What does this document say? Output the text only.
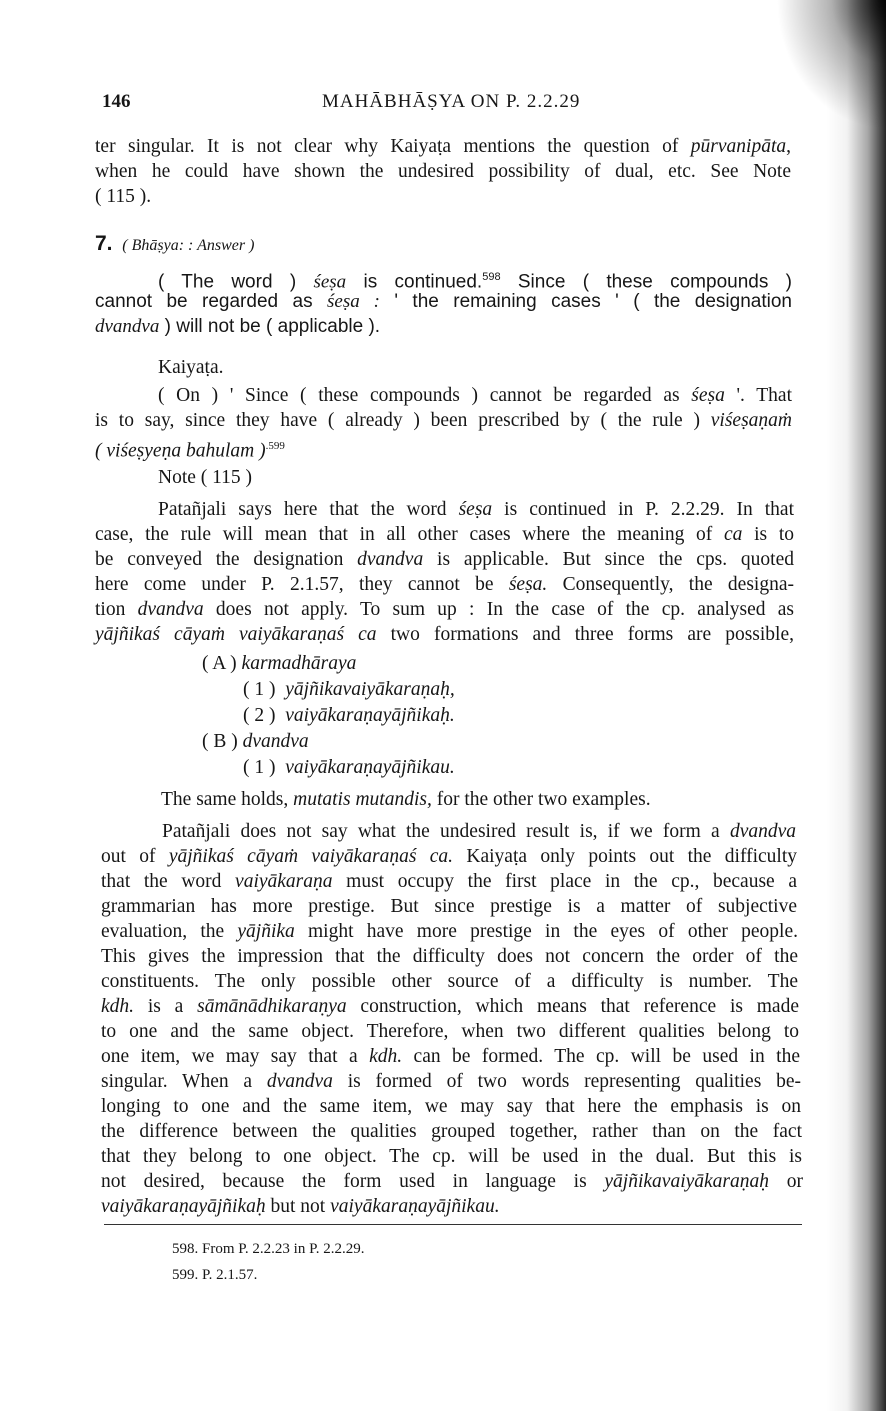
146	MAHĀBHĀṢYA ON P. 2.2.29
ter singular. It is not clear why Kaiyaṭa mentions the question of pūrvanipāta,
when he could have shown the undesired possibility of dual, etc. See Note
( 115 ).
7. ( Bhāṣya: : Answer )
( The word ) śeṣa is continued.$^{598}$ Since ( these compounds )
cannot be regarded as śeṣa : ' the remaining cases ' ( the designation
dvandva ) will not be ( applicable ).
Kaiyaṭa.
( On ) ' Since ( these compounds ) cannot be regarded as śeṣa '. That
is to say, since they have ( already ) been prescribed by ( the rule ) viśeṣaṇaṁ
( viśeṣyeṇa bahulam )$^{.599}$
Note ( 115 )
Patañjali says here that the word śeṣa is continued in P. 2.2.29. In that
case, the rule will mean that in all other cases where the meaning of ca is to
be conveyed the designation dvandva is applicable. But since the cps. quoted
here come under P. 2.1.57, they cannot be śeṣa. Consequently, the designa-
tion dvandva does not apply. To sum up : In the case of the cp. analysed as
yājñikaś cāyaṁ vaiyākaraṇaś ca two formations and three forms are possible,
( A ) karmadhāraya
( 1 ) yājñikavaiyākaraṇaḥ,
( 2 ) vaiyākaraṇayājñikaḥ.
( B ) dvandva
( 1 ) vaiyākaraṇayājñikau.
The same holds, mutatis mutandis, for the other two examples.
Patañjali does not say what the undesired result is, if we form a dvandva
out of yājñikaś cāyaṁ vaiyākaraṇaś ca. Kaiyaṭa only points out the difficulty
that the word vaiyākaraṇa must occupy the first place in the cp., because a
grammarian has more prestige. But since prestige is a matter of subjective
evaluation, the yājñika might have more prestige in the eyes of other people.
This gives the impression that the difficulty does not concern the order of the
constituents. The only possible other source of a difficulty is number. The
kdh. is a sāmānādhikaraṇya construction, which means that reference is made
to one and the same object. Therefore, when two different qualities belong to
one item, we may say that a kdh. can be formed. The cp. will be used in the
singular. When a dvandva is formed of two words representing qualities be-
longing to one and the same item, we may say that here the emphasis is on
the difference between the qualities grouped together, rather than on the fact
that they belong to one object. The cp. will be used in the dual. But this is
not desired, because the form used in language is yājñikavaiyākaraṇaḥ or
vaiyākaraṇayājñikaḥ but not vaiyākaraṇayājñikau.
598. From P. 2.2.23 in P. 2.2.29.
599. P. 2.1.57.
